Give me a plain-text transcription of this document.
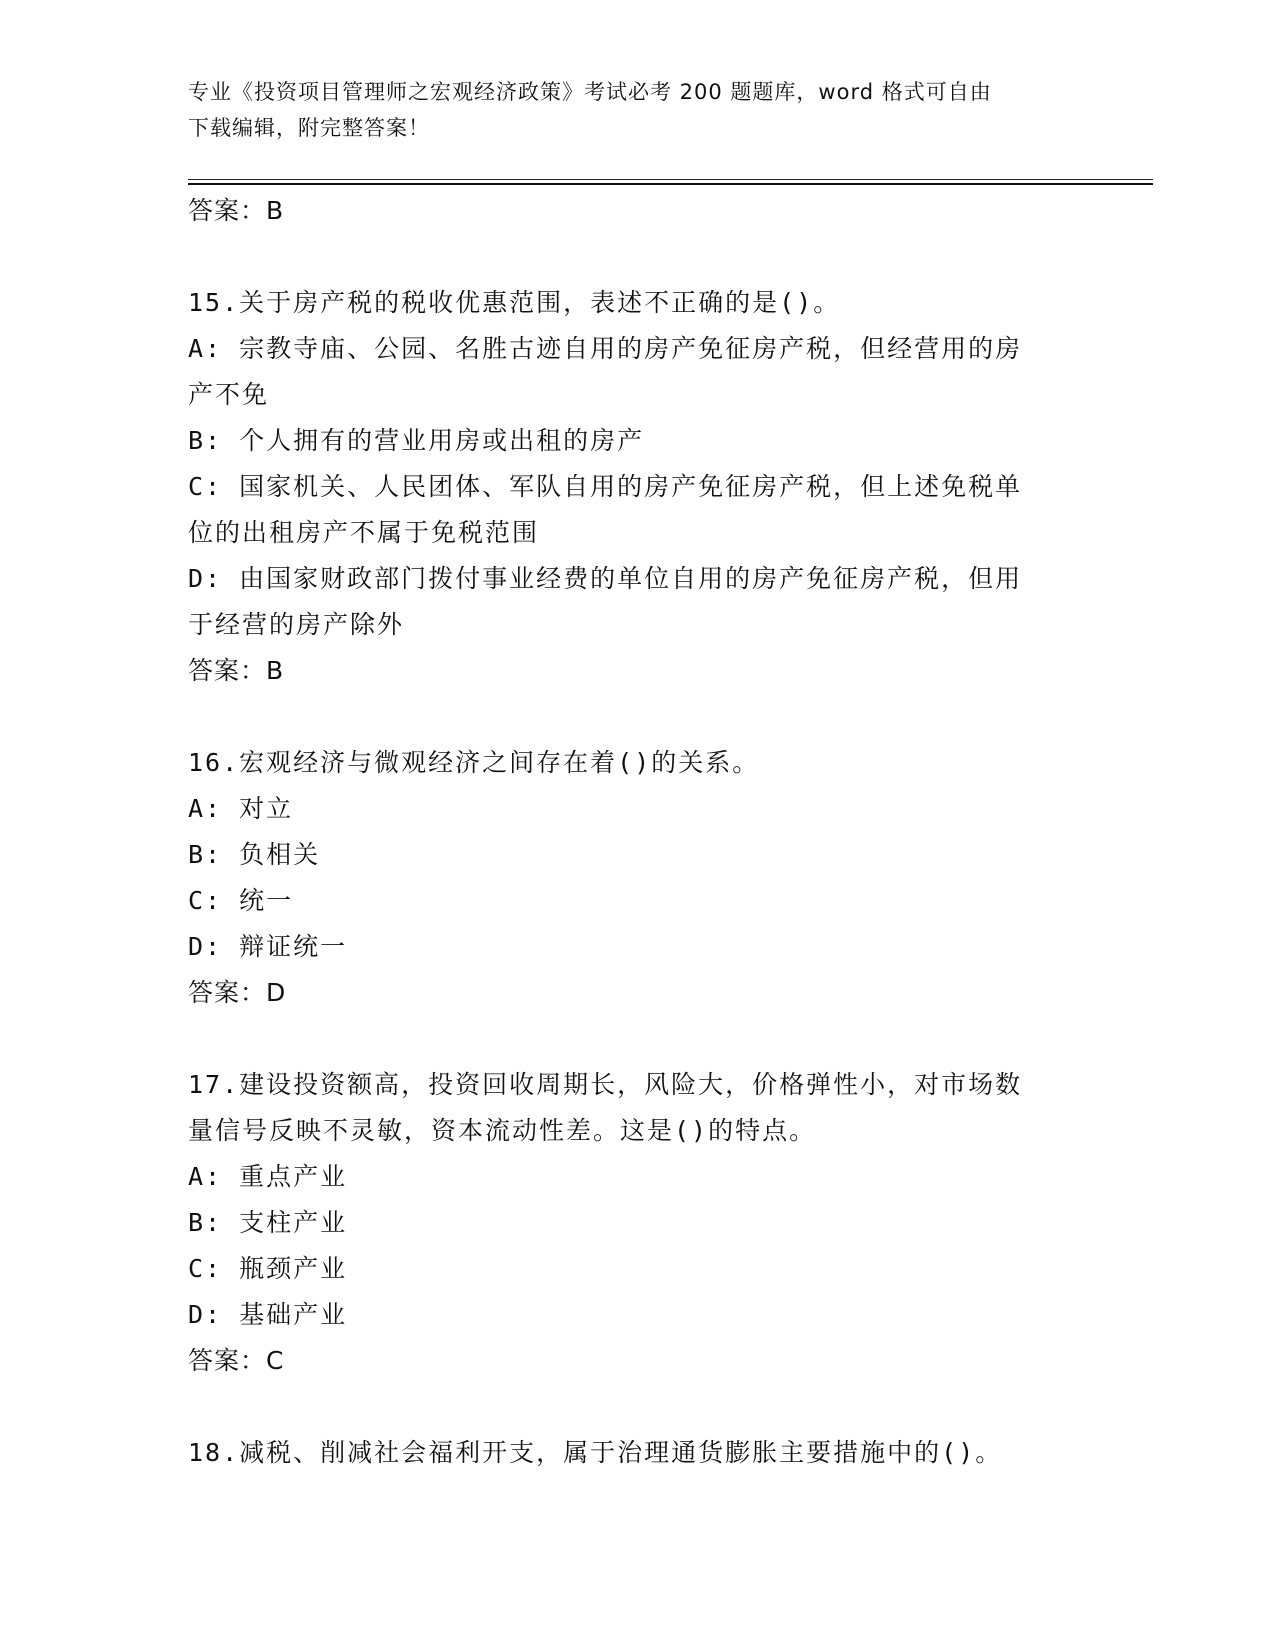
专业《投资项目管理师之宏观经济政策》考试必考 200 题题库，word 格式可自由
下载编辑，附完整答案！

答案：B

15.关于房产税的税收优惠范围，表述不正确的是()。

A: 宗教寺庙、公园、名胜古迹自用的房产免征房产税，但经营用的房

产不免

B: 个人拥有的营业用房或出租的房产

C: 国家机关、人民团体、军队自用的房产免征房产税，但上述免税单

位的出租房产不属于免税范围

D: 由国家财政部门拨付事业经费的单位自用的房产免征房产税，但用

于经营的房产除外

答案：B

16.宏观经济与微观经济之间存在着()的关系。

A: 对立

B: 负相关

C: 统一

D: 辩证统一

答案：D

17.建设投资额高，投资回收周期长，风险大，价格弹性小，对市场数

量信号反映不灵敏，资本流动性差。这是()的特点。

A: 重点产业

B: 支柱产业

C: 瓶颈产业

D: 基础产业

答案：C

18.减税、削减社会福利开支，属于治理通货膨胀主要措施中的()。
